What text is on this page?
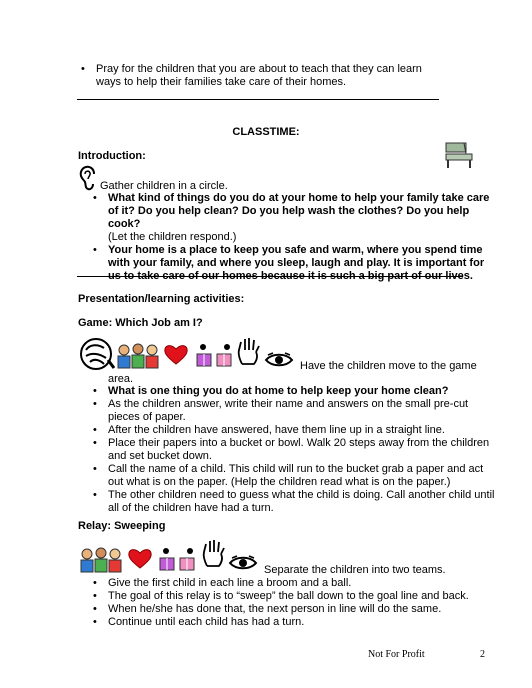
• Pray for the children that you are about to teach that they can learn ways to help their families take care of their homes.
CLASSTIME:
Introduction:
Gather children in a circle.
• What kind of things do you do at your home to help your family take care of it? Do you help clean? Do you help wash the clothes? Do you help cook?
(Let the children respond.)
• Your home is a place to keep you safe and warm, where you spend time with your family, and where you sleep, laugh and play. It is important for us to take care of our homes because it is such a big part of our lives.
Presentation/learning activities:
Game: Which Job am I?
Have the children move to the game
area.
• What is one thing you do at home to help keep your home clean?
• As the children answer, write their name and answers on the small pre-cut pieces of paper.
• After the children have answered, have them line up in a straight line.
• Place their papers into a bucket or bowl. Walk 20 steps away from the children and set bucket down.
• Call the name of a child. This child will run to the bucket grab a paper and act out what is on the paper. (Help the children read what is on the paper.)
• The other children need to guess what the child is doing. Call another child until all of the children have had a turn.
Relay: Sweeping
Separate the children into two teams.
• Give the first child in each line a broom and a ball.
• The goal of this relay is to “sweep” the ball down to the goal line and back.
• When he/she has done that, the next person in line will do the same.
• Continue until each child has had a turn.
Not For Profit	2
